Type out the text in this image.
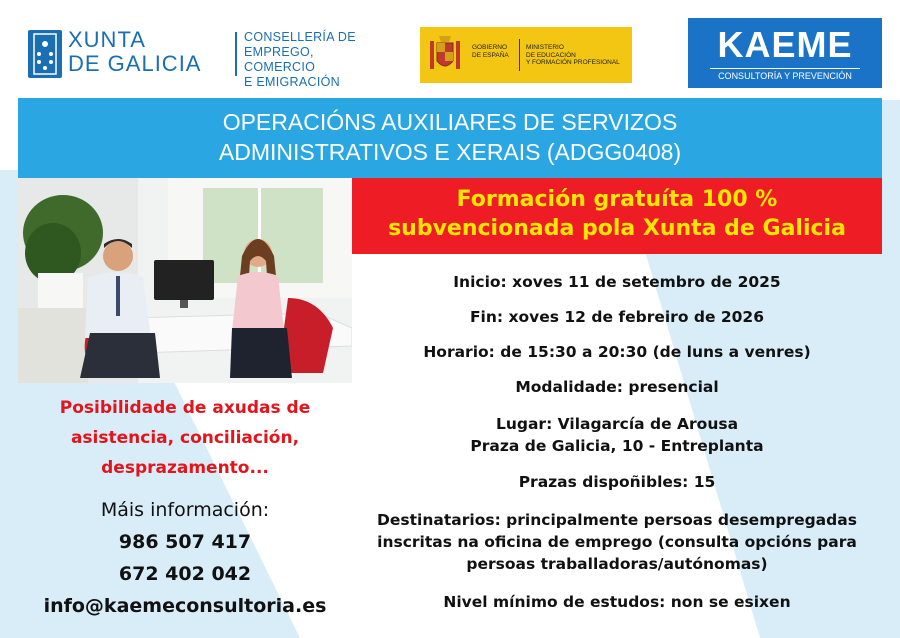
XUNTA
DE GALICIA
CONSELLERÍA DE
EMPREGO, COMERCIO
E EMIGRACIÓN
GOBIERNO
DE ESPAÑA
MINISTERIO
DE EDUCACIÓN
Y FORMACIÓN PROFESIONAL	KAEME
CONSULTORÍA Y PREVENCIÓN
OPERACIÓNS AUXILIARES DE SERVIZOS
ADMINISTRATIVOS E XERAIS (ADGG0408)
Formación gratuíta 100 %
subvencionada pola Xunta de Galicia
Posibilidade de axudas de
asistencia, conciliación,
desprazamento...
Máis información:
986 507 417
672 402 042
info@kaemeconsultoria.es
Inicio: xoves 11 de setembro de 2025
Fin: xoves 12 de febreiro de 2026
Horario: de 15:30 a 20:30 (de luns a venres)
Modalidade: presencial
Lugar: Vilagarcía de Arousa
Praza de Galicia, 10 - Entreplanta
Prazas dispoñibles: 15
Destinatarios: principalmente persoas desempregadas
inscritas na oficina de emprego (consulta opcións para
persoas traballadoras/autónomas)
Nivel mínimo de estudos: non se esixen
